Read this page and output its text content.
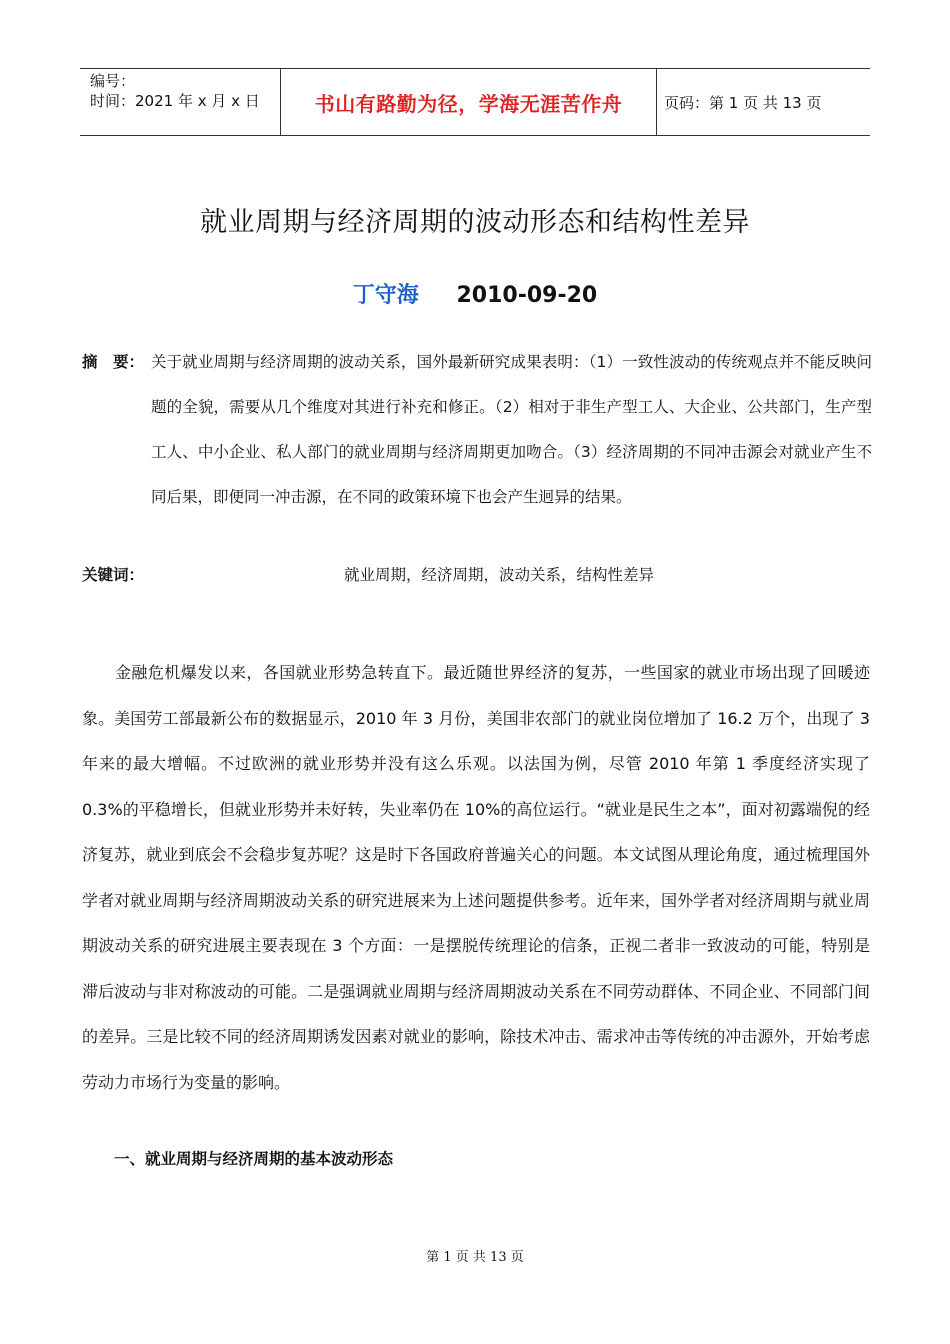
编号：
时间：2021 年 x 月 x 日	书山有路勤为径，学海无涯苦作舟	页码：第 1 页 共 13 页
就业周期与经济周期的波动形态和结构性差异
丁守海 2010-09-20
摘　要： 关于就业周期与经济周期的波动关系，国外最新研究成果表明：（1）一致性波动的传统观点并不能反映问题的全貌，需要从几个维度对其进行补充和修正。（2）相对于非生产型工人、大企业、公共部门，生产型工人、中小企业、私人部门的就业周期与经济周期更加吻合。（3）经济周期的不同冲击源会对就业产生不同后果，即便同一冲击源，在不同的政策环境下也会产生迥异的结果。
关键词：	就业周期，经济周期，波动关系，结构性差异
金融危机爆发以来，各国就业形势急转直下。最近随世界经济的复苏，一些国家的就业市场出现了回暖迹象。美国劳工部最新公布的数据显示，2010 年 3 月份，美国非农部门的就业岗位增加了 16.2 万个，出现了 3 年来的最大增幅。不过欧洲的就业形势并没有这么乐观。以法国为例，尽管 2010 年第 1 季度经济实现了 0.3%的平稳增长，但就业形势并未好转，失业率仍在 10%的高位运行。“就业是民生之本”，面对初露端倪的经济复苏，就业到底会不会稳步复苏呢？这是时下各国政府普遍关心的问题。本文试图从理论角度，通过梳理国外学者对就业周期与经济周期波动关系的研究进展来为上述问题提供参考。近年来，国外学者对经济周期与就业周期波动关系的研究进展主要表现在 3 个方面：一是摆脱传统理论的信条，正视二者非一致波动的可能，特别是滞后波动与非对称波动的可能。二是强调就业周期与经济周期波动关系在不同劳动群体、不同企业、不同部门间的差异。三是比较不同的经济周期诱发因素对就业的影响，除技术冲击、需求冲击等传统的冲击源外，开始考虑劳动力市场行为变量的影响。
一、就业周期与经济周期的基本波动形态
第 1 页 共 13 页
